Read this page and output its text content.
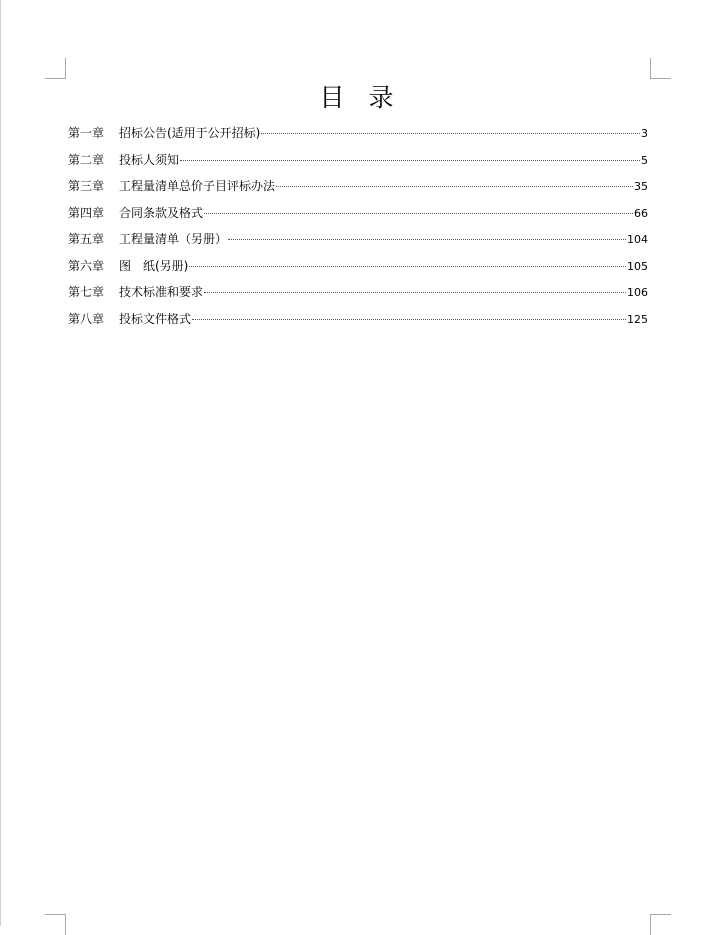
目 录
第一章	招标公告(适用于公开招标)	3
第二章	投标人须知	5
第三章	工程量清单总价子目评标办法	35
第四章	合同条款及格式	66
第五章	工程量清单（另册）	104
第六章	图　纸(另册)	105
第七章	技术标准和要求	106
第八章	投标文件格式	125
